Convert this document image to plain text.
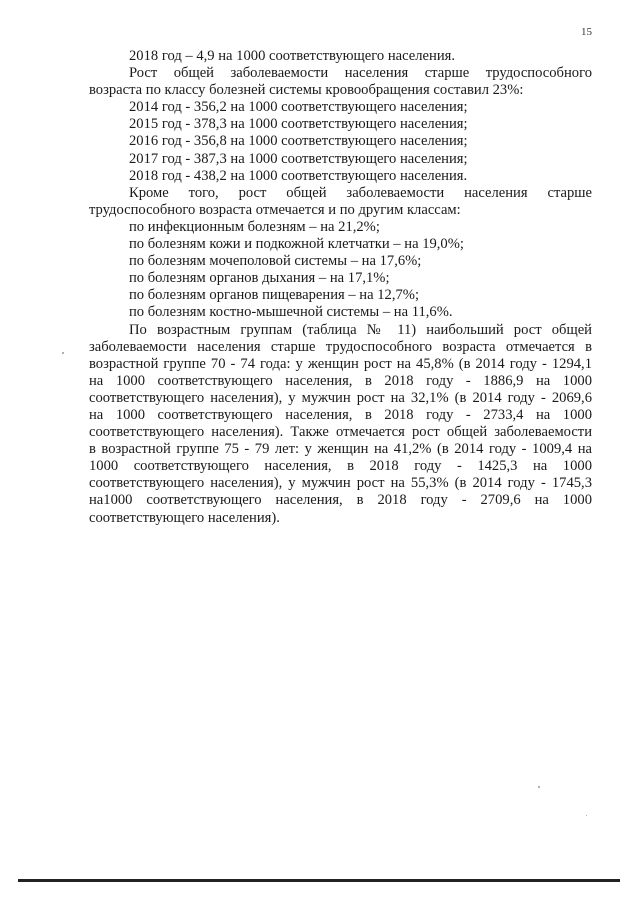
15
2018 год – 4,9 на 1000 соответствующего населения.
Рост общей заболеваемости населения старше трудоспособного
возраста по классу болезней системы кровообращения составил 23%:
2014 год - 356,2 на 1000 соответствующего населения;
2015 год - 378,3 на 1000 соответствующего населения;
2016 год - 356,8 на 1000 соответствующего населения;
2017 год - 387,3 на 1000 соответствующего населения;
2018 год - 438,2 на 1000 соответствующего населения.
Кроме того, рост общей заболеваемости населения старше
трудоспособного возраста отмечается и по другим классам:
по инфекционным болезням – на 21,2%;
по болезням кожи и подкожной клетчатки – на 19,0%;
по болезням мочеполовой системы – на 17,6%;
по болезням органов дыхания – на 17,1%;
по болезням органов пищеварения – на 12,7%;
по болезням костно-мышечной системы – на 11,6%.
По возрастным группам (таблица № 11) наибольший рост общей
заболеваемости населения старше трудоспособного возраста отмечается в
возрастной группе 70 - 74 года: у женщин рост на 45,8% (в 2014 году - 1294,1
на 1000 соответствующего населения, в 2018 году - 1886,9 на 1000
соответствующего населения), у мужчин рост на 32,1% (в 2014 году - 2069,6
на 1000 соответствующего населения, в 2018 году - 2733,4 на 1000
соответствующего населения). Также отмечается рост общей заболеваемости
в возрастной группе 75 - 79 лет: у женщин на 41,2% (в 2014 году - 1009,4 на
1000 соответствующего населения, в 2018 году - 1425,3 на 1000
соответствующего населения), у мужчин рост на 55,3% (в 2014 году - 1745,3
на1000 соответствующего населения, в 2018 году - 2709,6 на 1000
соответствующего населения).
